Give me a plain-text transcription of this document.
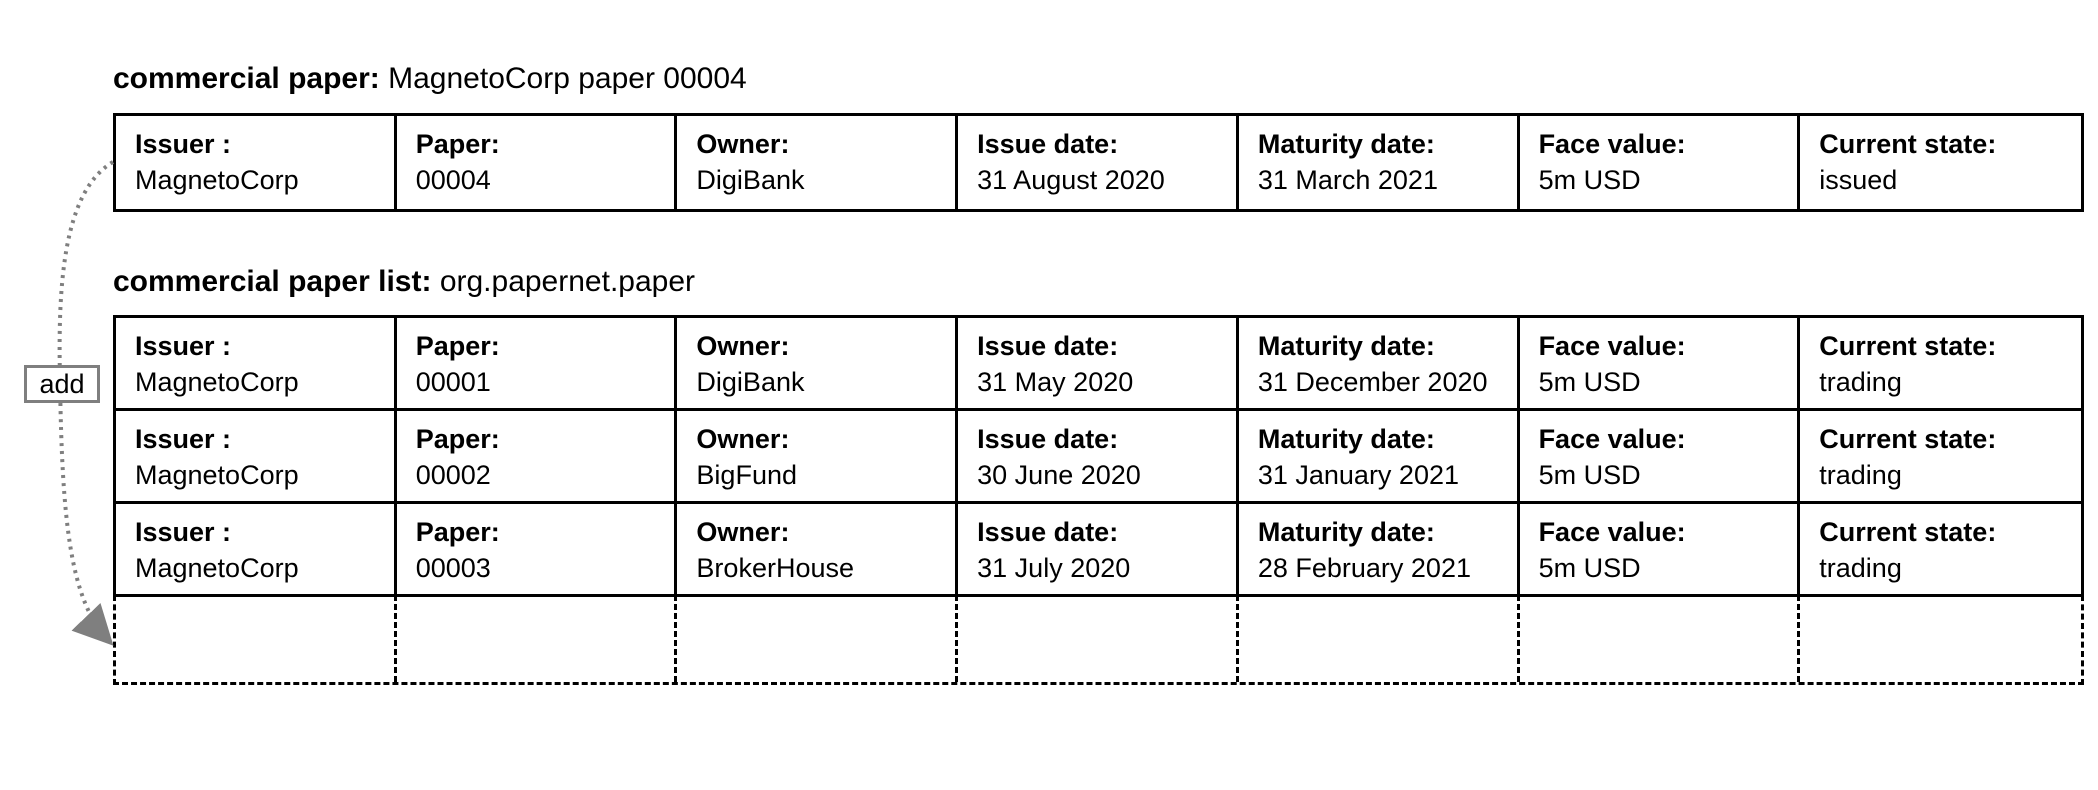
commercial paper: MagnetoCorp paper 00004
Issuer :
MagnetoCorp
Paper:
00004
Owner:
DigiBank
Issue date:
31 August 2020
Maturity date:
31 March 2021
Face value:
5m USD
Current state:
issued
commercial paper list: org.papernet.paper
Issuer :
MagnetoCorp
Paper:
00001
Owner:
DigiBank
Issue date:
31 May 2020
Maturity date:
31 December 2020
Face value:
5m USD
Current state:
trading
Issuer :
MagnetoCorp
Paper:
00002
Owner:
BigFund
Issue date:
30 June 2020
Maturity date:
31 January 2021
Face value:
5m USD
Current state:
trading
Issuer :
MagnetoCorp
Paper:
00003
Owner:
BrokerHouse
Issue date:
31 July 2020
Maturity date:
28 February 2021
Face value:
5m USD
Current state:
trading
add
